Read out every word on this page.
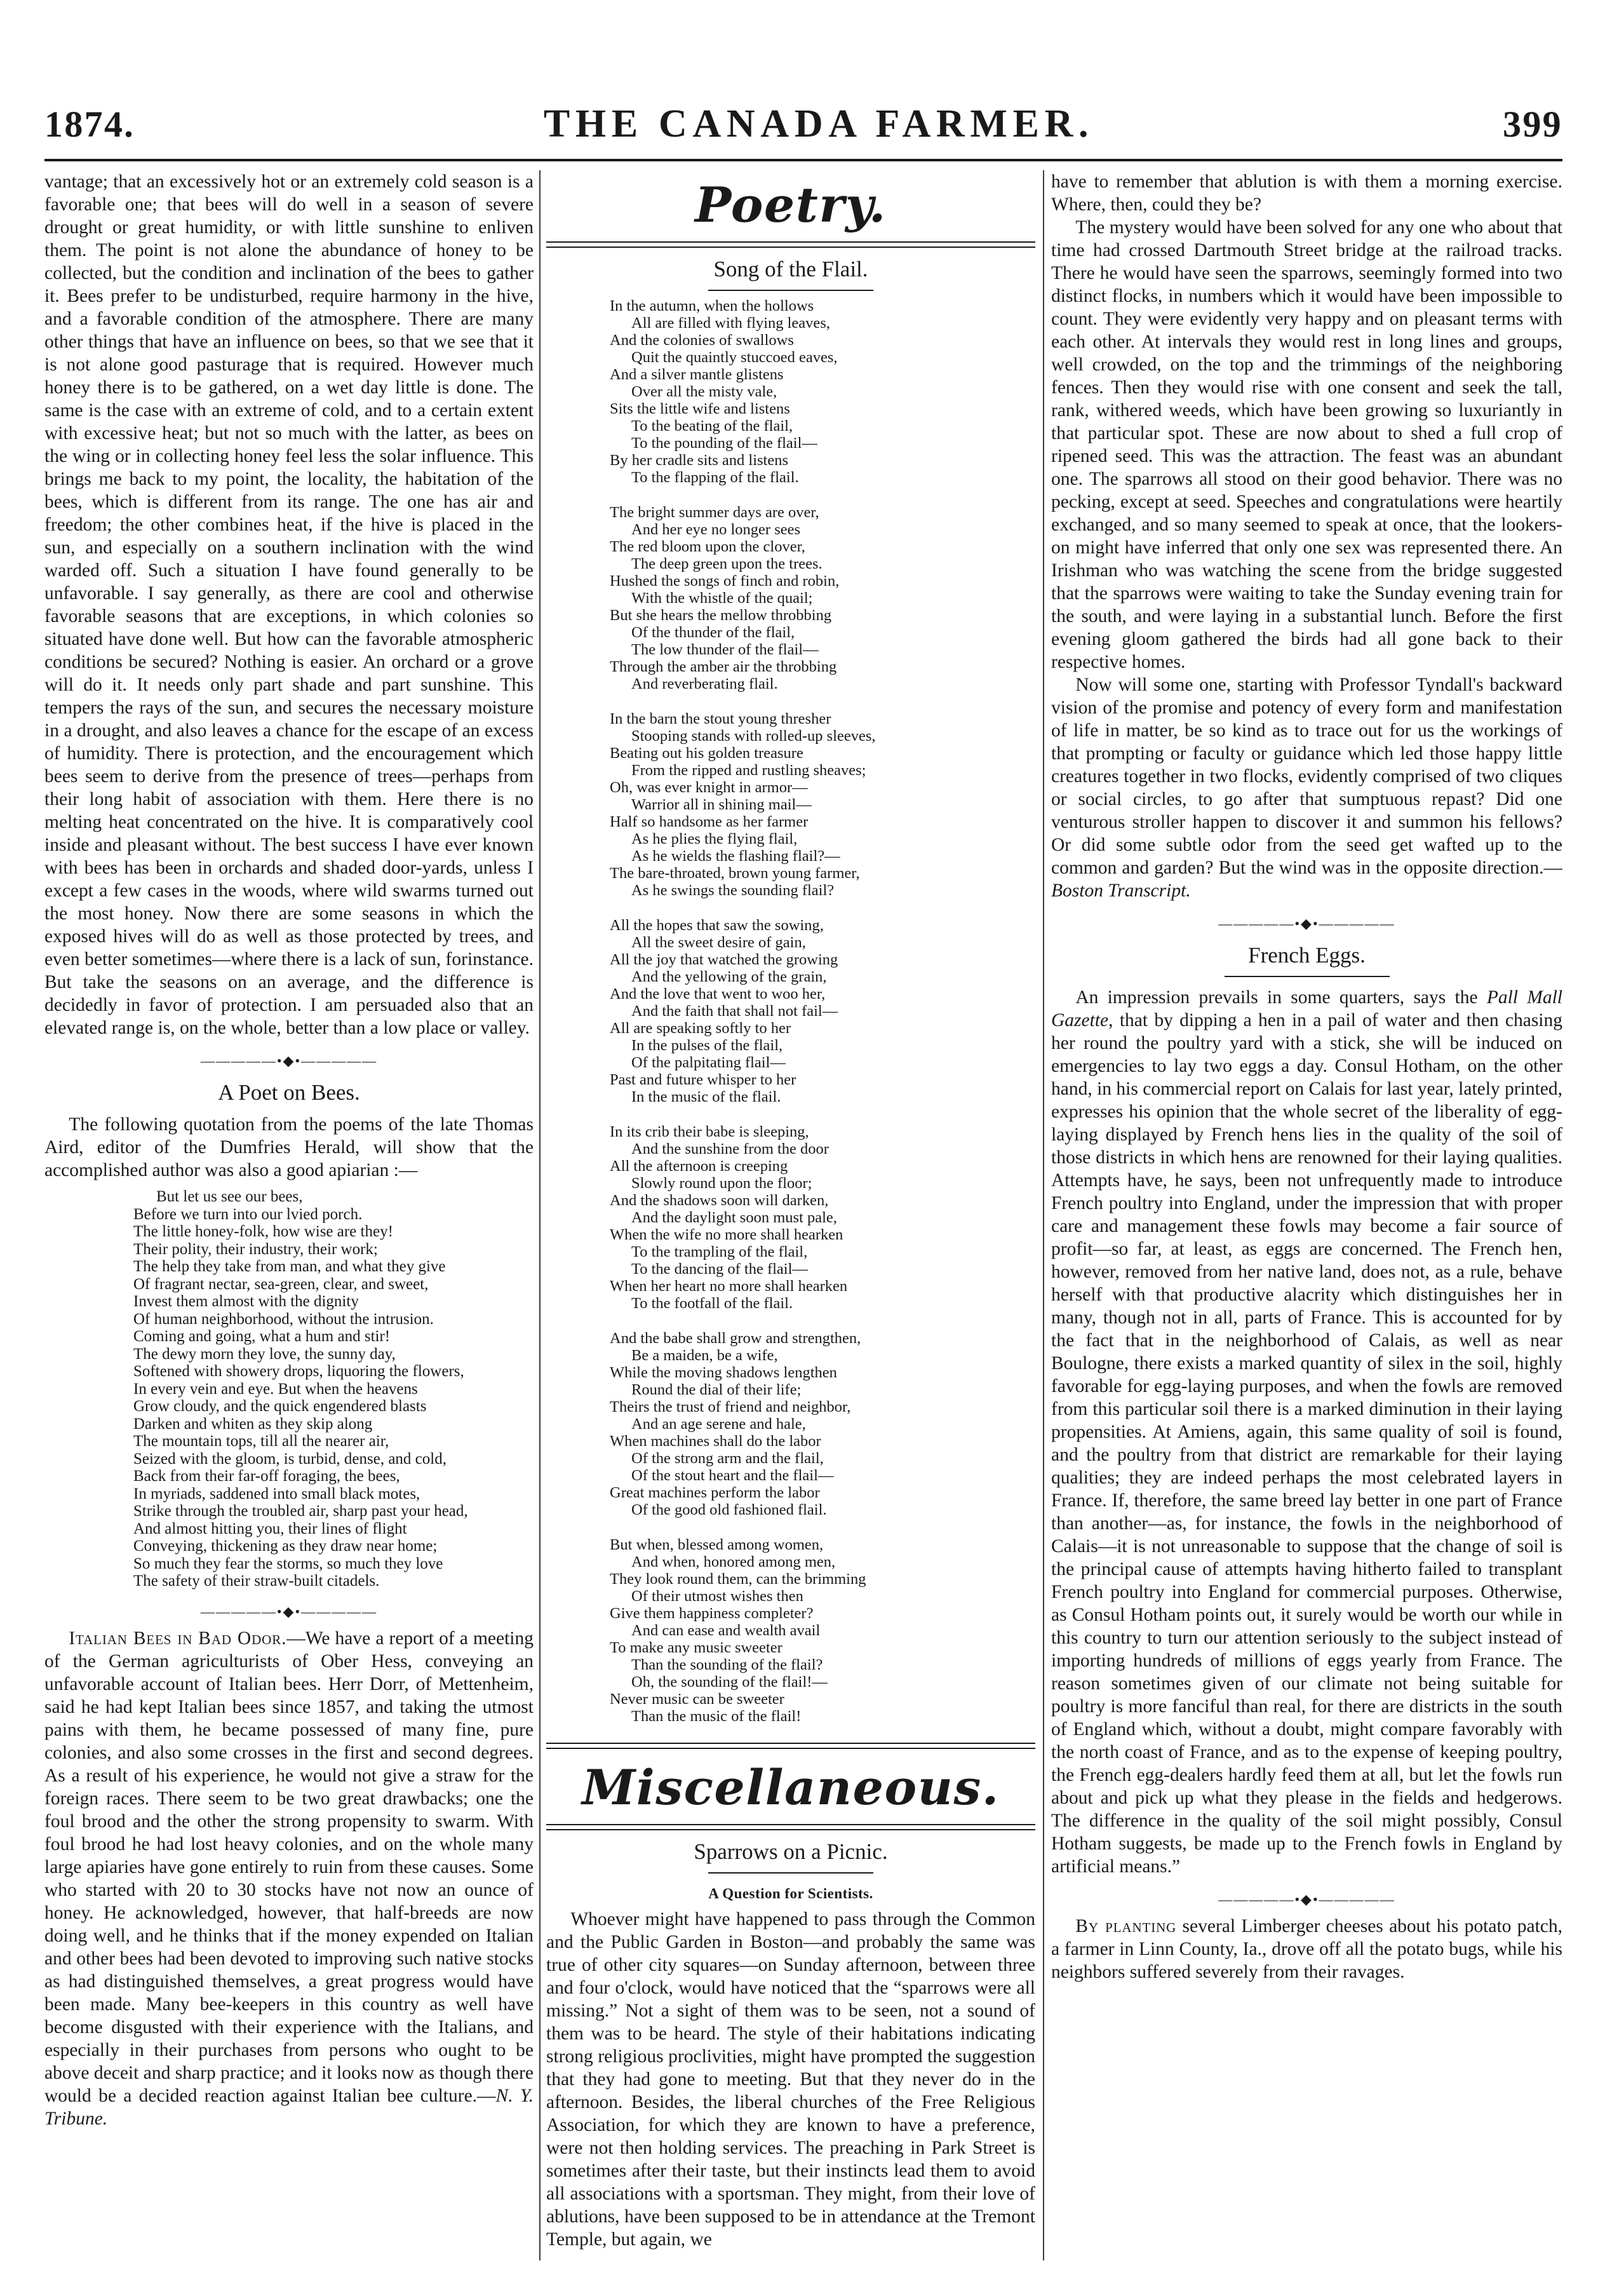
1874.	THE CANADA FARMER.	399

vantage; that an excessively hot or an extremely cold season is a favorable one; that bees will do well in a season of severe drought or great humidity, or with little sunshine to enliven them. The point is not alone the abundance of honey to be collected, but the condition and inclination of the bees to gather it. Bees prefer to be undisturbed, require harmony in the hive, and a favorable condition of the atmosphere. There are many other things that have an influence on bees, so that we see that it is not alone good pasturage that is required. However much honey there is to be gathered, on a wet day little is done. The same is the case with an extreme of cold, and to a certain extent with excessive heat; but not so much with the latter, as bees on the wing or in collecting honey feel less the solar influence. This brings me back to my point, the locality, the habitation of the bees, which is different from its range. The one has air and freedom; the other combines heat, if the hive is placed in the sun, and especially on a southern inclination with the wind warded off. Such a situation I have found generally to be unfavorable. I say generally, as there are cool and otherwise favorable seasons that are exceptions, in which colonies so situated have done well. But how can the favorable atmospheric conditions be secured? Nothing is easier. An orchard or a grove will do it. It needs only part shade and part sunshine. This tempers the rays of the sun, and secures the necessary moisture in a drought, and also leaves a chance for the escape of an excess of humidity. There is protection, and the encouragement which bees seem to derive from the presence of trees—perhaps from their long habit of association with them. Here there is no melting heat concentrated on the hive. It is comparatively cool inside and pleasant without. The best success I have ever known with bees has been in orchards and shaded door-yards, unless I except a few cases in the woods, where wild swarms turned out the most honey. Now there are some seasons in which the exposed hives will do as well as those protected by trees, and even better sometimes—where there is a lack of sun, forinstance. But take the seasons on an average, and the difference is decidedly in favor of protection. I am persuaded also that an elevated range is, on the whole, better than a low place or valley.

—————•◆•—————
A Poet on Bees.

The following quotation from the poems of the late Thomas Aird, editor of the Dumfries Herald, will show that the accomplished author was also a good apiarian :—

But let us see our bees,
Before we turn into our lvied porch.
The little honey-folk, how wise are they!
Their polity, their industry, their work;
The help they take from man, and what they give
Of fragrant nectar, sea-green, clear, and sweet,
Invest them almost with the dignity
Of human neighborhood, without the intrusion.
Coming and going, what a hum and stir!
The dewy morn they love, the sunny day,
Softened with showery drops, liquoring the flowers,
In every vein and eye. But when the heavens
Grow cloudy, and the quick engendered blasts
Darken and whiten as they skip along
The mountain tops, till all the nearer air,
Seized with the gloom, is turbid, dense, and cold,
Back from their far-off foraging, the bees,
In myriads, saddened into small black motes,
Strike through the troubled air, sharp past your head,
And almost hitting you, their lines of flight
Conveying, thickening as they draw near home;
So much they fear the storms, so much they love
The safety of their straw-built citadels.
—————•◆•—————

Italian Bees in Bad Odor.—We have a report of a meeting of the German agriculturists of Ober Hess, conveying an unfavorable account of Italian bees. Herr Dorr, of Mettenheim, said he had kept Italian bees since 1857, and taking the utmost pains with them, he became possessed of many fine, pure colonies, and also some crosses in the first and second degrees. As a result of his experience, he would not give a straw for the foreign races. There seem to be two great drawbacks; one the foul brood and the other the strong propensity to swarm. With foul brood he had lost heavy colonies, and on the whole many large apiaries have gone entirely to ruin from these causes. Some who started with 20 to 30 stocks have not now an ounce of honey. He acknowledged, however, that half-breeds are now doing well, and he thinks that if the money expended on Italian and other bees had been devoted to improving such native stocks as had distinguished themselves, a great progress would have been made. Many bee-keepers in this country as well have become disgusted with their experience with the Italians, and especially in their purchases from persons who ought to be above deceit and sharp practice; and it looks now as though there would be a decided reaction against Italian bee culture.—N. Y. Tribune.

Poetry.
Song of the Flail.
In the autumn, when the hollows
All are filled with flying leaves,
And the colonies of swallows
Quit the quaintly stuccoed eaves,
And a silver mantle glistens
Over all the misty vale,
Sits the little wife and listens
To the beating of the flail,
To the pounding of the flail—
By her cradle sits and listens
To the flapping of the flail.
The bright summer days are over,
And her eye no longer sees
The red bloom upon the clover,
The deep green upon the trees.
Hushed the songs of finch and robin,
With the whistle of the quail;
But she hears the mellow throbbing
Of the thunder of the flail,
The low thunder of the flail—
Through the amber air the throbbing
And reverberating flail.
In the barn the stout young thresher
Stooping stands with rolled-up sleeves,
Beating out his golden treasure
From the ripped and rustling sheaves;
Oh, was ever knight in armor—
Warrior all in shining mail—
Half so handsome as her farmer
As he plies the flying flail,
As he wields the flashing flail?—
The bare-throated, brown young farmer,
As he swings the sounding flail?
All the hopes that saw the sowing,
All the sweet desire of gain,
All the joy that watched the growing
And the yellowing of the grain,
And the love that went to woo her,
And the faith that shall not fail—
All are speaking softly to her
In the pulses of the flail,
Of the palpitating flail—
Past and future whisper to her
In the music of the flail.
In its crib their babe is sleeping,
And the sunshine from the door
All the afternoon is creeping
Slowly round upon the floor;
And the shadows soon will darken,
And the daylight soon must pale,
When the wife no more shall hearken
To the trampling of the flail,
To the dancing of the flail—
When her heart no more shall hearken
To the footfall of the flail.
And the babe shall grow and strengthen,
Be a maiden, be a wife,
While the moving shadows lengthen
Round the dial of their life;
Theirs the trust of friend and neighbor,
And an age serene and hale,
When machines shall do the labor
Of the strong arm and the flail,
Of the stout heart and the flail—
Great machines perform the labor
Of the good old fashioned flail.
But when, blessed among women,
And when, honored among men,
They look round them, can the brimming
Of their utmost wishes then
Give them happiness completer?
And can ease and wealth avail
To make any music sweeter
Than the sounding of the flail?
Oh, the sounding of the flail!—
Never music can be sweeter
Than the music of the flail!
Miscellaneous.
Sparrows on a Picnic.
A Question for Scientists.

Whoever might have happened to pass through the Common and the Public Garden in Boston—and probably the same was true of other city squares—on Sunday afternoon, between three and four o'clock, would have noticed that the “sparrows were all missing.” Not a sight of them was to be seen, not a sound of them was to be heard. The style of their habitations indicating strong religious proclivities, might have prompted the suggestion that they had gone to meeting. But that they never do in the afternoon. Besides, the liberal churches of the Free Religious Association, for which they are known to have a preference, were not then holding services. The preaching in Park Street is sometimes after their taste, but their instincts lead them to avoid all associations with a sportsman. They might, from their love of ablutions, have been supposed to be in attendance at the Tremont Temple, but again, we

have to remember that ablution is with them a morning exercise. Where, then, could they be?

The mystery would have been solved for any one who about that time had crossed Dartmouth Street bridge at the railroad tracks. There he would have seen the sparrows, seemingly formed into two distinct flocks, in numbers which it would have been impossible to count. They were evidently very happy and on pleasant terms with each other. At intervals they would rest in long lines and groups, well crowded, on the top and the trimmings of the neighboring fences. Then they would rise with one consent and seek the tall, rank, withered weeds, which have been growing so luxuriantly in that particular spot. These are now about to shed a full crop of ripened seed. This was the attraction. The feast was an abundant one. The sparrows all stood on their good behavior. There was no pecking, except at seed. Speeches and congratulations were heartily exchanged, and so many seemed to speak at once, that the lookers-on might have inferred that only one sex was represented there. An Irishman who was watching the scene from the bridge suggested that the sparrows were waiting to take the Sunday evening train for the south, and were laying in a substantial lunch. Before the first evening gloom gathered the birds had all gone back to their respective homes.

Now will some one, starting with Professor Tyndall's backward vision of the promise and potency of every form and manifestation of life in matter, be so kind as to trace out for us the workings of that prompting or faculty or guidance which led those happy little creatures together in two flocks, evidently comprised of two cliques or social circles, to go after that sumptuous repast? Did one venturous stroller happen to discover it and summon his fellows? Or did some subtle odor from the seed get wafted up to the common and garden? But the wind was in the opposite direction.—Boston Transcript.

—————•◆•—————
French Eggs.

An impression prevails in some quarters, says the Pall Mall Gazette, that by dipping a hen in a pail of water and then chasing her round the poultry yard with a stick, she will be induced on emergencies to lay two eggs a day. Consul Hotham, on the other hand, in his commercial report on Calais for last year, lately printed, expresses his opinion that the whole secret of the liberality of egg-laying displayed by French hens lies in the quality of the soil of those districts in which hens are renowned for their laying qualities. Attempts have, he says, been not unfrequently made to introduce French poultry into England, under the impression that with proper care and management these fowls may become a fair source of profit—so far, at least, as eggs are concerned. The French hen, however, removed from her native land, does not, as a rule, behave herself with that productive alacrity which distinguishes her in many, though not in all, parts of France. This is accounted for by the fact that in the neighborhood of Calais, as well as near Boulogne, there exists a marked quantity of silex in the soil, highly favorable for egg-laying purposes, and when the fowls are removed from this particular soil there is a marked diminution in their laying propensities. At Amiens, again, this same quality of soil is found, and the poultry from that district are remarkable for their laying qualities; they are indeed perhaps the most celebrated layers in France. If, therefore, the same breed lay better in one part of France than another—as, for instance, the fowls in the neighborhood of Calais—it is not unreasonable to suppose that the change of soil is the principal cause of attempts having hitherto failed to transplant French poultry into England for commercial purposes. Otherwise, as Consul Hotham points out, it surely would be worth our while in this country to turn our attention seriously to the subject instead of importing hundreds of millions of eggs yearly from France. The reason sometimes given of our climate not being suitable for poultry is more fanciful than real, for there are districts in the south of England which, without a doubt, might compare favorably with the north coast of France, and as to the expense of keeping poultry, the French egg-dealers hardly feed them at all, but let the fowls run about and pick up what they please in the fields and hedgerows. The difference in the quality of the soil might possibly, Consul Hotham suggests, be made up to the French fowls in England by artificial means.”

—————•◆•—————

By planting several Limberger cheeses about his potato patch, a farmer in Linn County, Ia., drove off all the potato bugs, while his neighbors suffered severely from their ravages.
